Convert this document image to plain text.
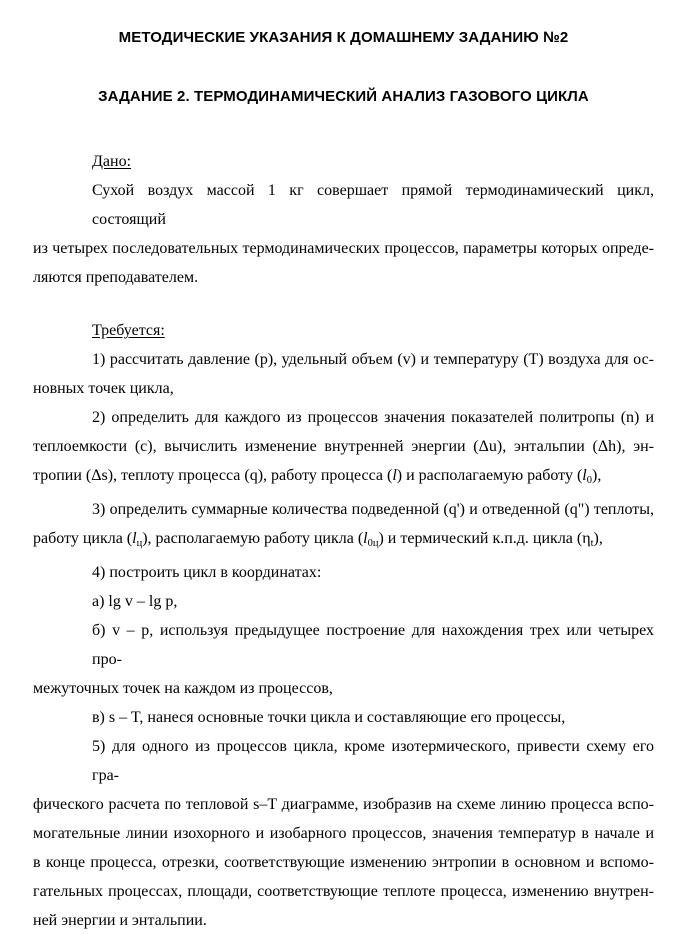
МЕТОДИЧЕСКИЕ УКАЗАНИЯ К ДОМАШНЕМУ ЗАДАНИЮ №2
ЗАДАНИЕ 2. ТЕРМОДИНАМИЧЕСКИЙ АНАЛИЗ ГАЗОВОГО ЦИКЛА
Дано:
Сухой воздух массой 1 кг совершает прямой термодинамический цикл, состоящий
из четырех последовательных термодинамических процессов, параметры которых опреде-
ляются преподавателем.
Требуется:
1) рассчитать давление (p), удельный объем (v) и температуру (T) воздуха для ос-
новных точек цикла,
2) определить для каждого из процессов значения показателей политропы (n) и
теплоемкости (с), вычислить изменение внутренней энергии (Δu), энтальпии (Δh), эн-
тропии (Δs), теплоту процесса (q), работу процесса (l) и располагаемую работу (l0),
3) определить суммарные количества подведенной (q') и отведенной (q") теплоты,
работу цикла (lц), располагаемую работу цикла (l0ц) и термический к.п.д. цикла (ηt),
4) построить цикл в координатах:
а) lg v – lg p,
б) v – p, используя предыдущее построение для нахождения трех или четырех про-
межуточных точек на каждом из процессов,
в) s – T, нанеся основные точки цикла и составляющие его процессы,
5) для одного из процессов цикла, кроме изотермического, привести схему его гра-
фического расчета по тепловой s–T диаграмме, изобразив на схеме линию процесса вспо-
могательные линии изохорного и изобарного процессов, значения температур в начале и
в конце процесса, отрезки, соответствующие изменению энтропии в основном и вспомо-
гательных процессах, площади, соответствующие теплоте процесса, изменению внутрен-
ней энергии и энтальпии.
